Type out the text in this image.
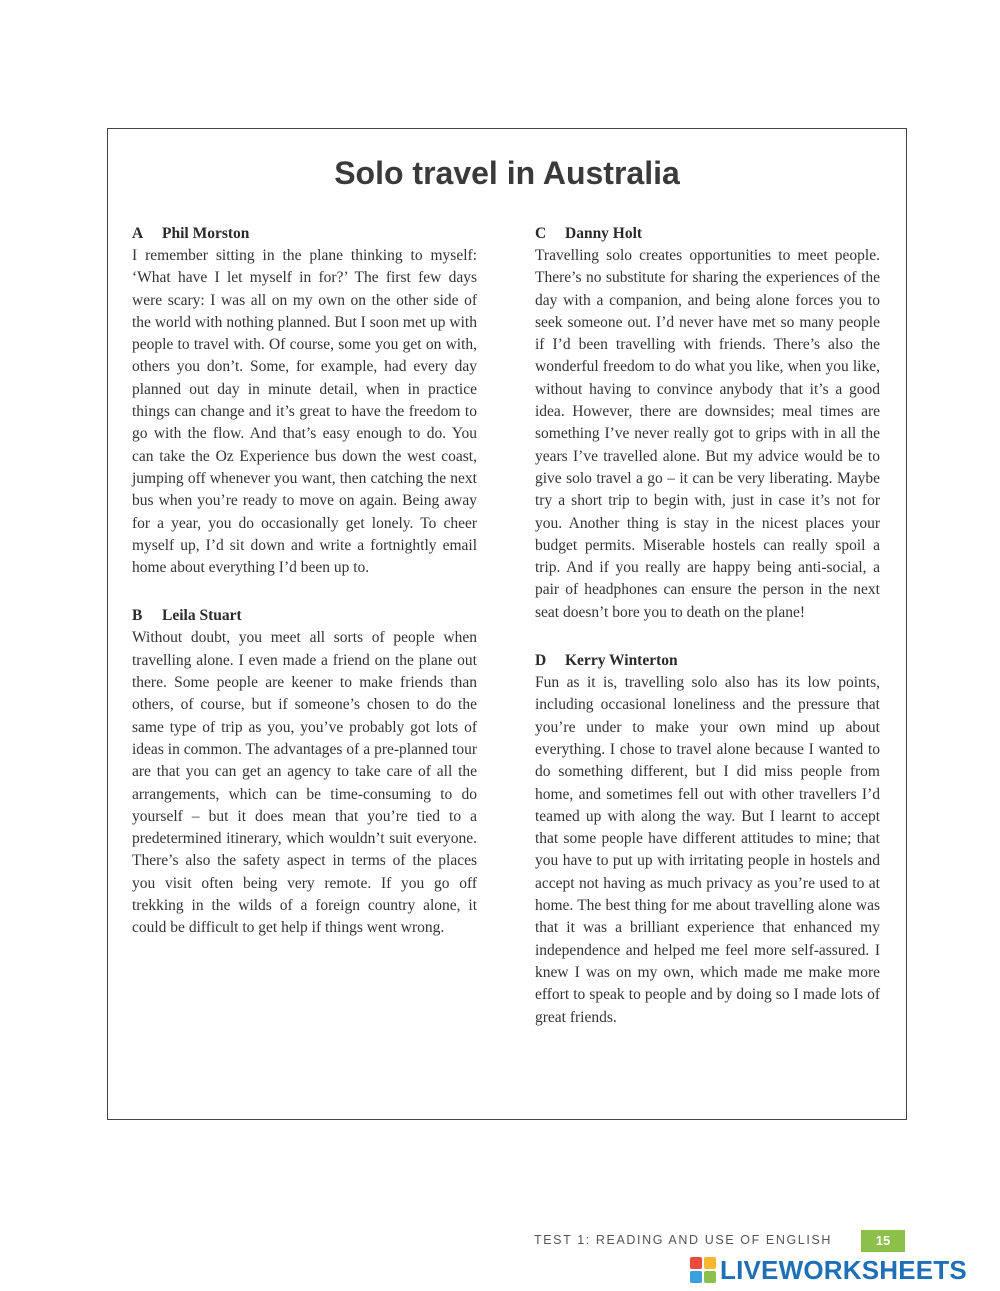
Solo travel in Australia

A Phil Morston

I remember sitting in the plane thinking to myself: ‘What have I let myself in for?’ The first few days were scary: I was all on my own on the other side of the world with nothing planned. But I soon met up with people to travel with. Of course, some you get on with, others you don’t. Some, for example, had every day planned out day in minute detail, when in practice things can change and it’s great to have the freedom to go with the flow. And that’s easy enough to do. You can take the Oz Experience bus down the west coast, jumping off whenever you want, then catching the next bus when you’re ready to move on again. Being away for a year, you do occasionally get lonely. To cheer myself up, I’d sit down and write a fortnightly email home about everything I’d been up to.

B Leila Stuart

Without doubt, you meet all sorts of people when travelling alone. I even made a friend on the plane out there. Some people are keener to make friends than others, of course, but if someone’s chosen to do the same type of trip as you, you’ve probably got lots of ideas in common. The advantages of a pre-planned tour are that you can get an agency to take care of all the arrangements, which can be time-consuming to do yourself – but it does mean that you’re tied to a predetermined itinerary, which wouldn’t suit everyone. There’s also the safety aspect in terms of the places you visit often being very remote. If you go off trekking in the wilds of a foreign country alone, it could be difficult to get help if things went wrong.

C Danny Holt

Travelling solo creates opportunities to meet people. There’s no substitute for sharing the experiences of the day with a companion, and being alone forces you to seek someone out. I’d never have met so many people if I’d been travelling with friends. There’s also the wonderful freedom to do what you like, when you like, without having to convince anybody that it’s a good idea. However, there are downsides; meal times are something I’ve never really got to grips with in all the years I’ve travelled alone. But my advice would be to give solo travel a go – it can be very liberating. Maybe try a short trip to begin with, just in case it’s not for you. Another thing is stay in the nicest places your budget permits. Miserable hostels can really spoil a trip. And if you really are happy being anti-social, a pair of headphones can ensure the person in the next seat doesn’t bore you to death on the plane!

D Kerry Winterton

Fun as it is, travelling solo also has its low points, including occasional loneliness and the pressure that you’re under to make your own mind up about everything. I chose to travel alone because I wanted to do something different, but I did miss people from home, and sometimes fell out with other travellers I’d teamed up with along the way. But I learnt to accept that some people have different attitudes to mine; that you have to put up with irritating people in hostels and accept not having as much privacy as you’re used to at home. The best thing for me about travelling alone was that it was a brilliant experience that enhanced my independence and helped me feel more self-assured. I knew I was on my own, which made me make more effort to speak to people and by doing so I made lots of great friends.

TEST 1: READING AND USE OF ENGLISH	15
LIVEWORKSHEETS
